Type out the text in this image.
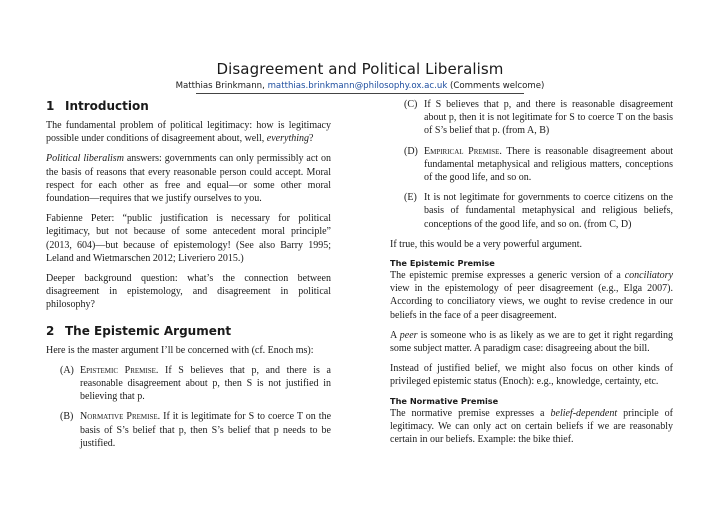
Disagreement and Political Liberalism
Matthias Brinkmann, matthias.brinkmann@philosophy.ox.ac.uk (Comments welcome)
1 Introduction

The fundamental problem of political legitimacy: how is legitimacy possible under conditions of disagreement about, well, everything?

Political liberalism answers: governments can only permissibly act on the basis of reasons that every reasonable person could accept. Moral respect for each other as free and equal—or some other moral foundation—requires that we justify ourselves to you.

Fabienne Peter: “public justification is necessary for political legitimacy, but not because of some antecedent moral principle” (2013, 604)—but because of epistemology! (See also Barry 1995; Leland and Wietmarschen 2012; Liveriero 2015.)

Deeper background question: what’s the connection between disagreement in epistemology, and disagreement in political philosophy?

2 The Epistemic Argument

Here is the master argument I’ll be concerned with (cf. Enoch ms):

(A) Epistemic Premise. If S believes that p, and there is a reasonable disagreement about p, then S is not justified in believing that p.
(B) Normative Premise. If it is legitimate for S to coerce T on the basis of S’s belief that p, then S’s belief that p needs to be justified.
(C) If S believes that p, and there is reasonable disagreement about p, then it is not legitimate for S to coerce T on the basis of S’s belief that p. (from A, B)
(D) Empirical Premise. There is reasonable disagreement about fundamental metaphysical and religious matters, conceptions of the good life, and so on.
(E) It is not legitimate for governments to coerce citizens on the basis of fundamental metaphysical and religious beliefs, conceptions of the good life, and so on. (from C, D)

If true, this would be a very powerful argument.

The Epistemic Premise

The epistemic premise expresses a generic version of a conciliatory view in the epistemology of peer disagreement (e.g., Elga 2007). According to conciliatory views, we ought to revise credence in our beliefs in the face of a peer disagreement.

A peer is someone who is as likely as we are to get it right regarding some subject matter. A paradigm case: disagreeing about the bill.

Instead of justified belief, we might also focus on other kinds of privileged epistemic status (Enoch): e.g., knowledge, certainty, etc.

The Normative Premise

The normative premise expresses a belief-dependent principle of legitimacy. We can only act on certain beliefs if we are reasonably certain in our beliefs. Example: the bike thief.
